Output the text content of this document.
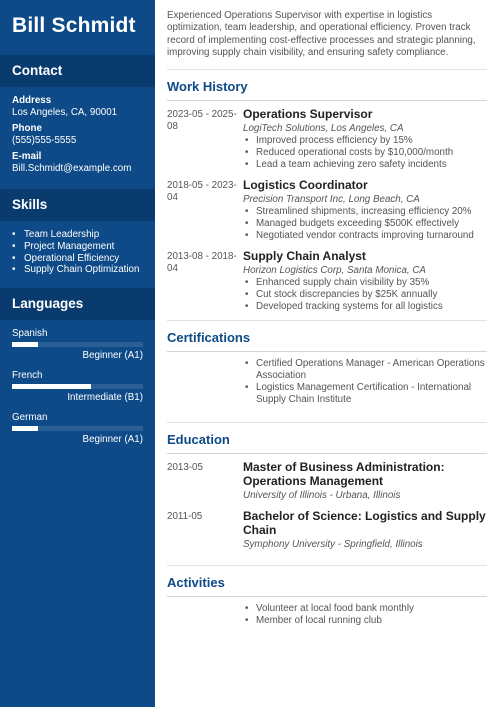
Bill Schmidt
Contact
Address
Los Angeles, CA, 90001
Phone
(555)555-5555
E-mail
Bill.Schmidt@example.com
Skills
• Team Leadership
• Project Management
• Operational Efficiency
• Supply Chain Optimization
Languages
Spanish
Beginner (A1)
French
Intermediate (B1)
German
Beginner (A1)
Experienced Operations Supervisor with expertise in logistics optimization, team leadership, and operational efficiency. Proven track record of implementing cost-effective processes and strategic planning, improving supply chain visibility, and ensuring safety compliance.
Work History
2023-05 - 2025-08
Operations Supervisor
LogiTech Solutions, Los Angeles, CA
• Improved process efficiency by 15%
• Reduced operational costs by $10,000/month
• Lead a team achieving zero safety incidents
2018-05 - 2023-04
Logistics Coordinator
Precision Transport Inc, Long Beach, CA
• Streamlined shipments, increasing efficiency 20%
• Managed budgets exceeding $500K effectively
• Negotiated vendor contracts improving turnaround
2013-08 - 2018-04
Supply Chain Analyst
Horizon Logistics Corp, Santa Monica, CA
• Enhanced supply chain visibility by 35%
• Cut stock discrepancies by $25K annually
• Developed tracking systems for all logistics
Certifications
• Certified Operations Manager - American Operations Association
• Logistics Management Certification - International Supply Chain Institute
Education
2013-05	Master of Business Administration: Operations Management
University of Illinois - Urbana, Illinois
2011-05	Bachelor of Science: Logistics and Supply Chain
Symphony University - Springfield, Illinois
Activities
• Volunteer at local food bank monthly
• Member of local running club
